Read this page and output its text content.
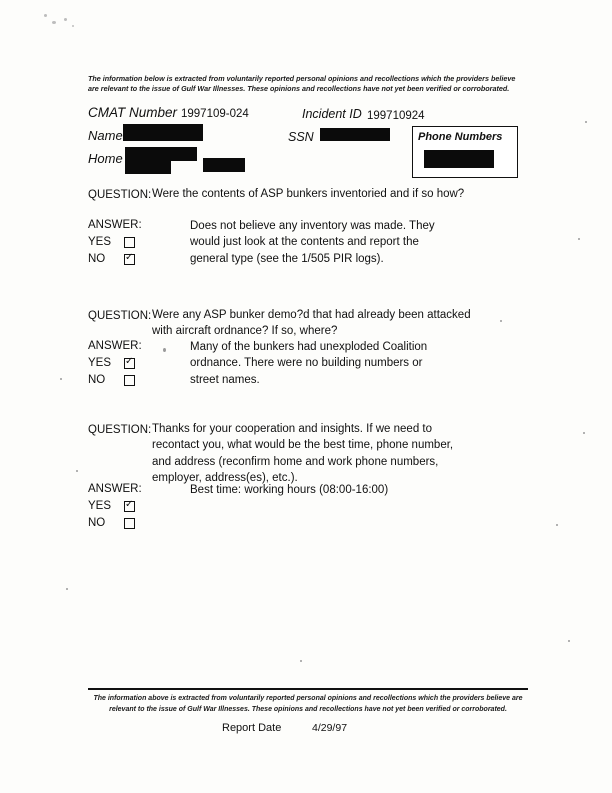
The information below is extracted from voluntarily reported personal opinions and recollections which the providers believe are relevant to the issue of Gulf War Illnesses. These opinions and recollections have not yet been verified or corroborated.
CMAT Number 1997109-024	Incident ID 199710924
Name	SSN	Phone Numbers
Home
QUESTION: Were the contents of ASP bunkers inventoried and if so how?
ANSWER:	Does not believe any inventory was made. They would just look at the contents and report the general type (see the 1/505 PIR logs).
YES
NO ✓
QUESTION: Were any ASP bunker demo?d that had already been attacked with aircraft ordnance? If so, where?
ANSWER:	Many of the bunkers had unexploded Coalition ordnance. There were no building numbers or street names.
YES ✓
NO
QUESTION: Thanks for your cooperation and insights. If we need to recontact you, what would be the best time, phone number, and address (reconfirm home and work phone numbers, employer, address(es), etc.).
ANSWER:	Best time: working hours (08:00-16:00)
YES ✓
NO
The information above is extracted from voluntarily reported personal opinions and recollections which the providers believe are relevant to the issue of Gulf War Illnesses. These opinions and recollections have not yet been verified or corroborated.
Report Date	4/29/97
